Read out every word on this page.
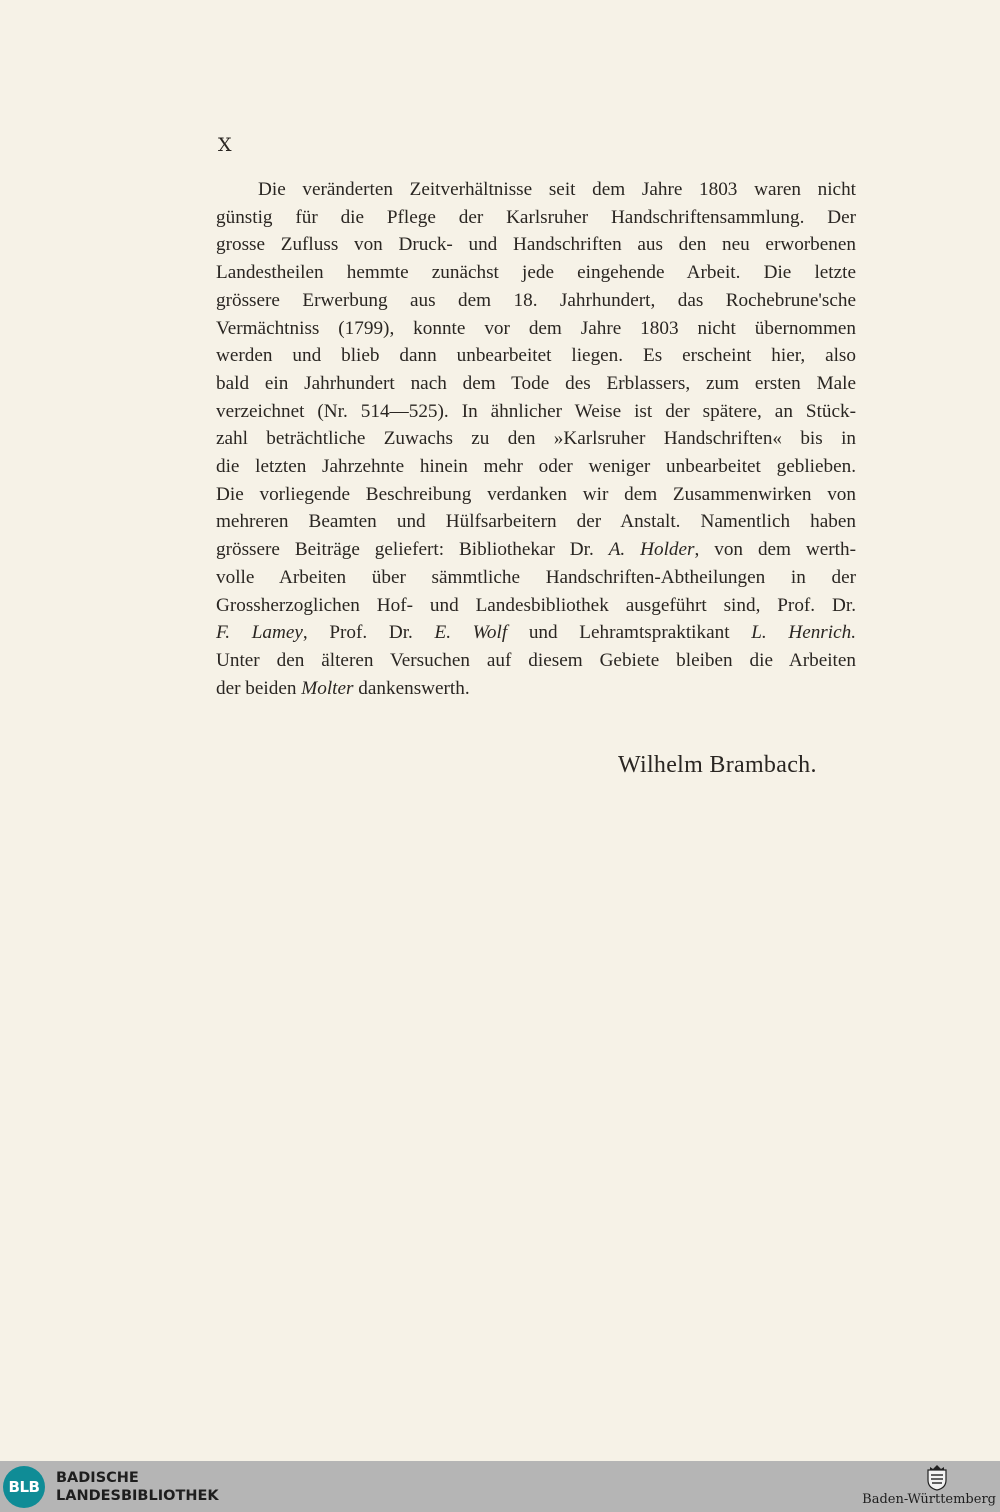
X
Die veränderten Zeitverhältnisse seit dem Jahre 1803 waren nicht
günstig für die Pflege der Karlsruher Handschriftensammlung. Der
grosse Zufluss von Druck- und Handschriften aus den neu erworbenen
Landestheilen hemmte zunächst jede eingehende Arbeit. Die letzte
grössere Erwerbung aus dem 18. Jahrhundert, das Rochebrune'sche
Vermächtniss (1799), konnte vor dem Jahre 1803 nicht übernommen
werden und blieb dann unbearbeitet liegen. Es erscheint hier, also
bald ein Jahrhundert nach dem Tode des Erblassers, zum ersten Male
verzeichnet (Nr. 514—525). In ähnlicher Weise ist der spätere, an Stück-
zahl beträchtliche Zuwachs zu den »Karlsruher Handschriften« bis in
die letzten Jahrzehnte hinein mehr oder weniger unbearbeitet geblieben.
Die vorliegende Beschreibung verdanken wir dem Zusammenwirken von
mehreren Beamten und Hülfsarbeitern der Anstalt. Namentlich haben
grössere Beiträge geliefert: Bibliothekar Dr. A. Holder, von dem werth-
volle Arbeiten über sämmtliche Handschriften-Abtheilungen in der
Grossherzoglichen Hof- und Landesbibliothek ausgeführt sind, Prof. Dr.
F. Lamey, Prof. Dr. E. Wolf und Lehramtspraktikant L. Henrich.
Unter den älteren Versuchen auf diesem Gebiete bleiben die Arbeiten
der beiden Molter dankenswerth.
Wilhelm Brambach.
BLB	BADISCHE
LANDESBIBLIOTHEK	Baden-Württemberg
